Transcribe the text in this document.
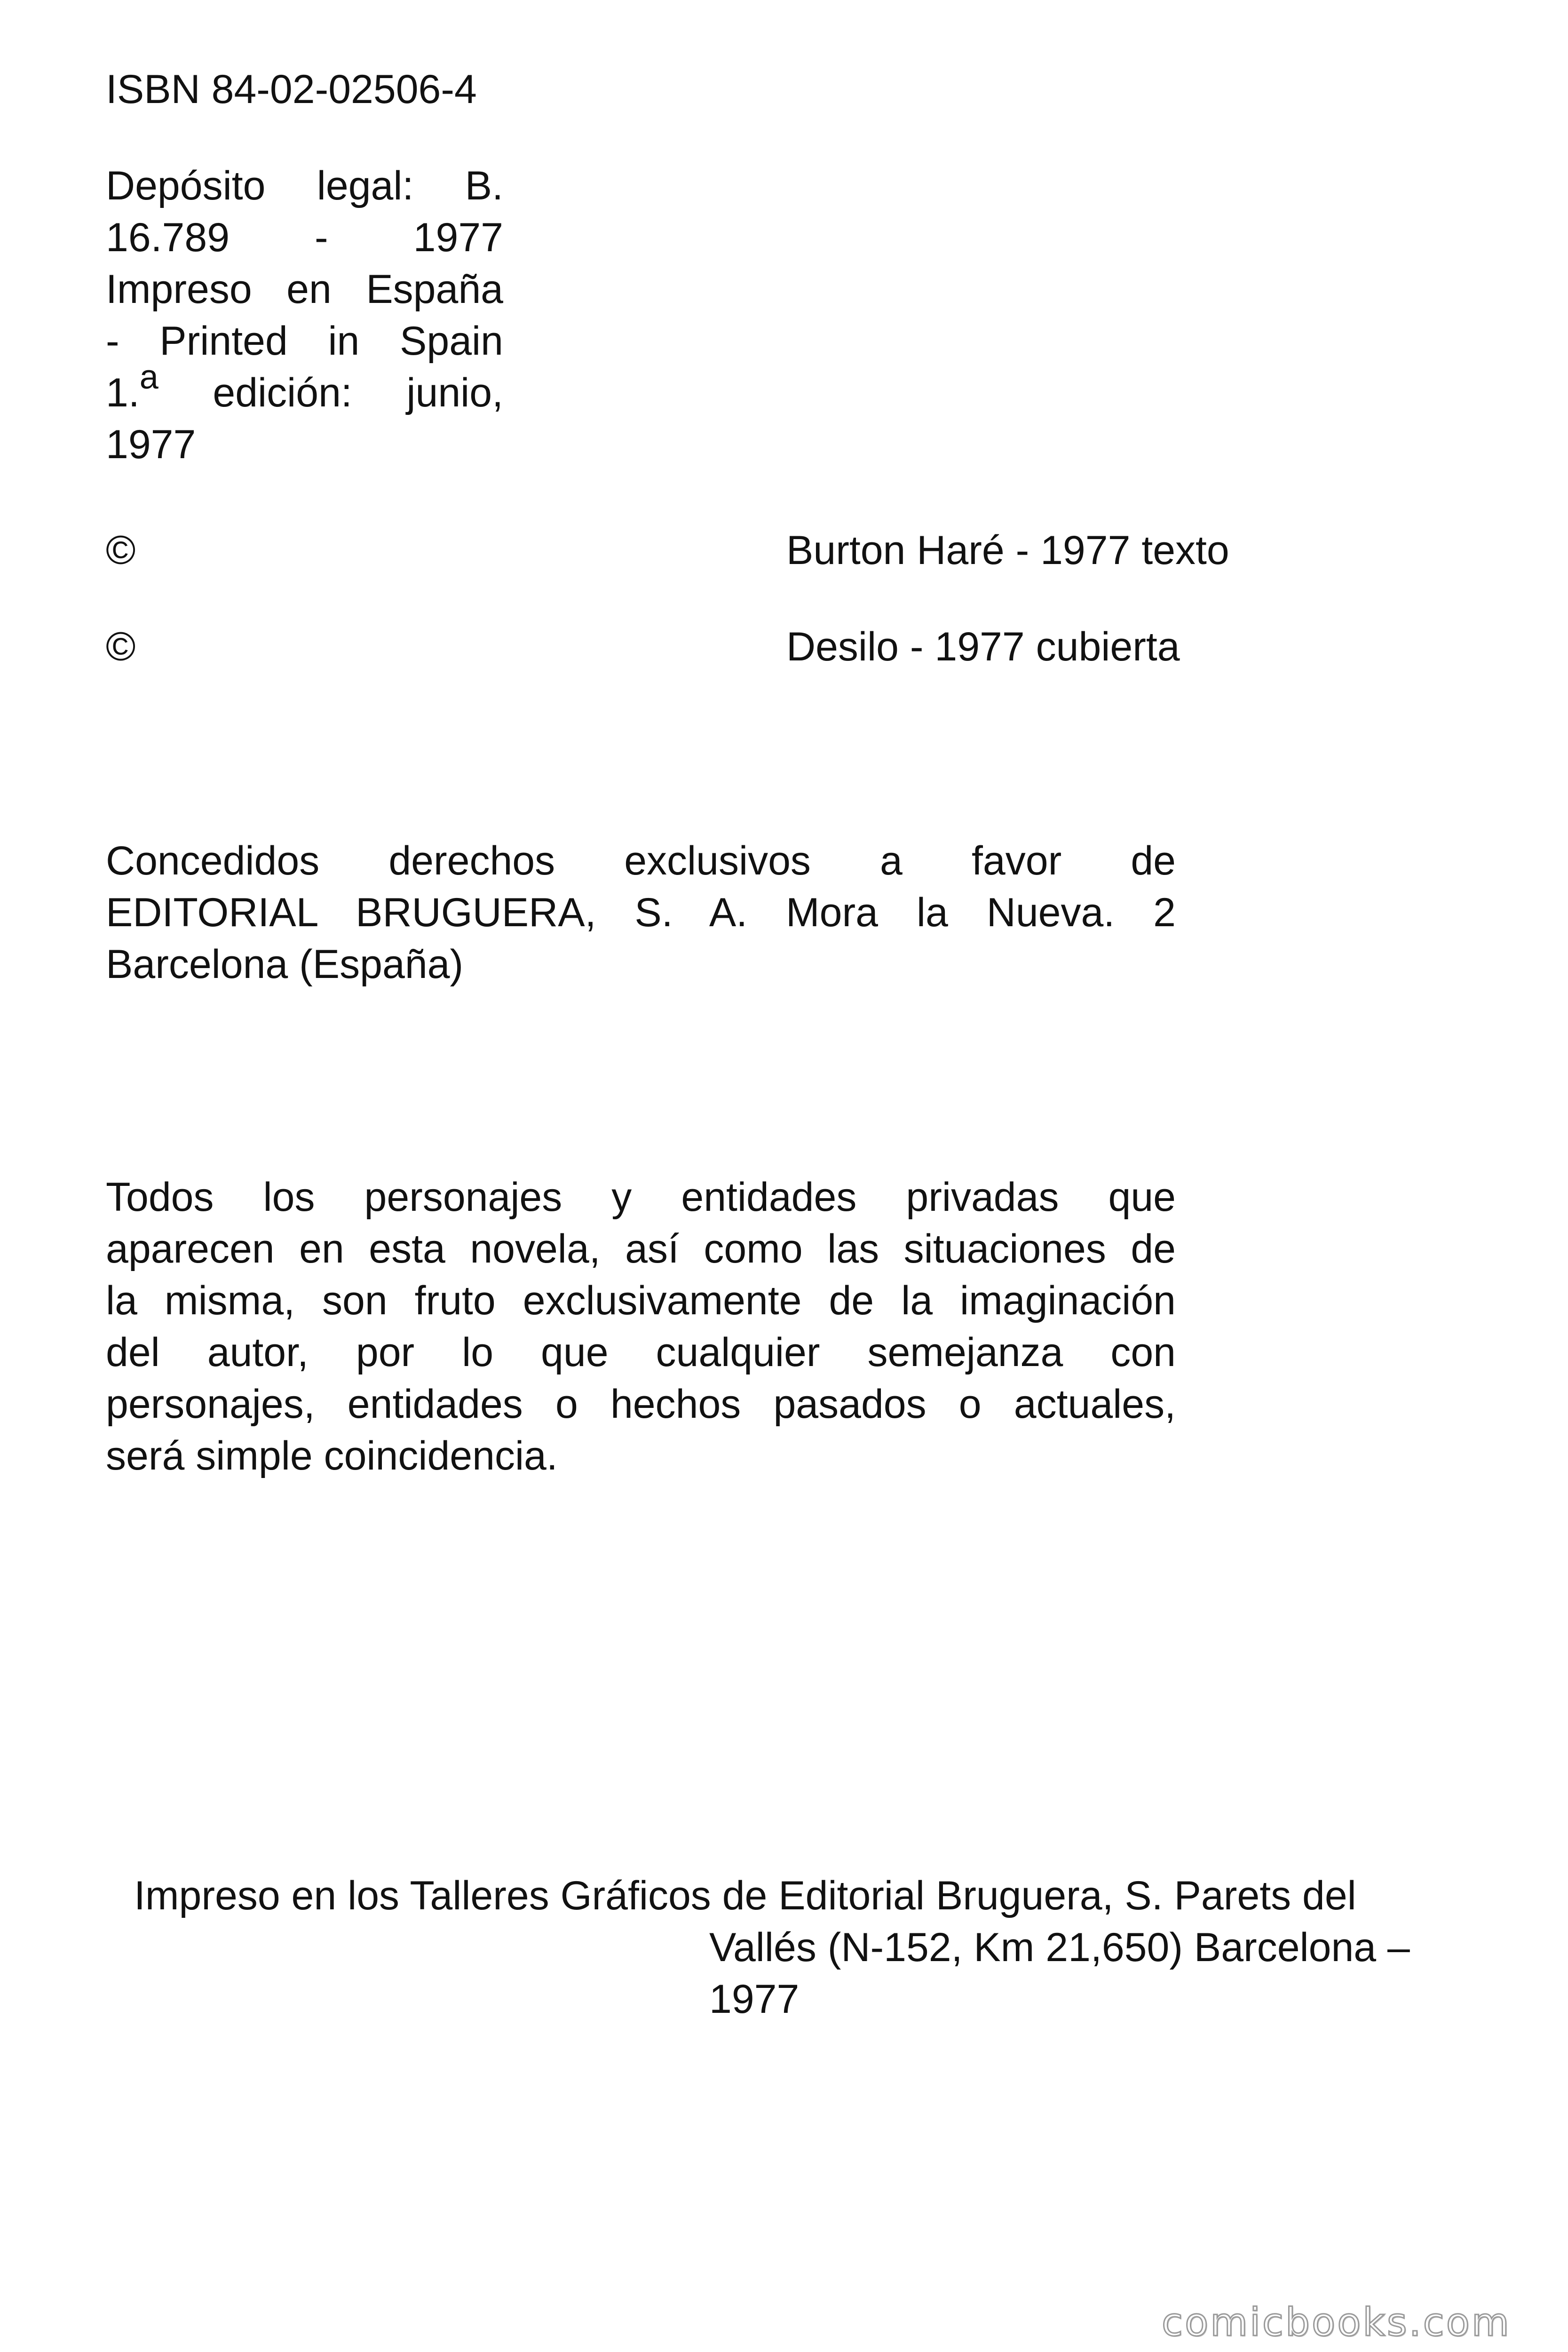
ISBN 84-02-02506-4
Depósito legal: B.
16.789 - 1977
Impreso en España
- Printed in Spain
1.$^a$ edición: junio,
1977
©	Burton Haré - 1977 texto
©	Desilo - 1977 cubierta
Concedidos derechos exclusivos a favor de
EDITORIAL BRUGUERA, S. A. Mora la Nueva. 2
Barcelona (España)
Todos los personajes y entidades privadas que
aparecen en esta novela, así como las situaciones de
la misma, son fruto exclusivamente de la imaginación
del autor, por lo que cualquier semejanza con
personajes, entidades o hechos pasados o actuales,
será simple coincidencia.
Impreso en los Talleres Gráficos de Editorial Bruguera, S. Parets del
Vallés (N-152, Km 21,650) Barcelona –
1977
comicbooks.com
